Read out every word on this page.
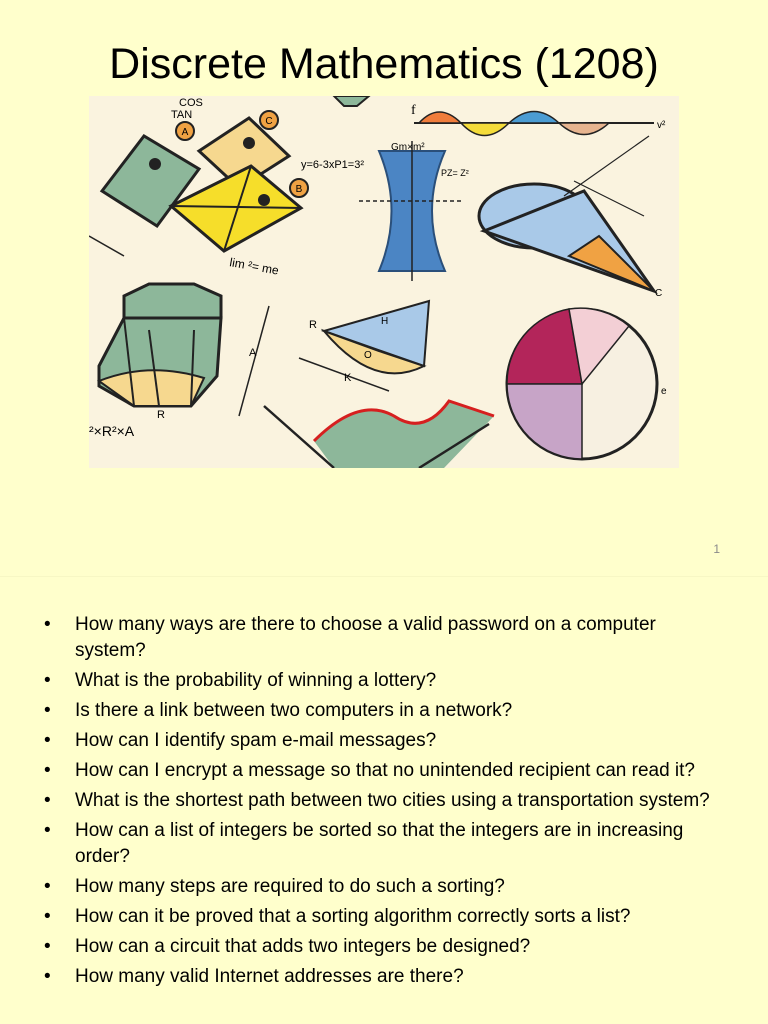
Discrete Mathematics (1208)
A
C
B
COS
TAN
lim ²= me
y=6-3xP1=3²
Gm×m²
PZ= Z²
f
v²
C
A
R
²×R²×A
R	H
O
K
e
1
• How many ways are there to choose a valid password on a computer system?
• What is the probability of winning a lottery?
• Is there a link between two computers in a network?
• How can I identify spam e-mail messages?
• How can I encrypt a message so that no unintended recipient can read it?
• What is the shortest path between two cities using a transportation system?
• How can a list of integers be sorted so that the integers are in increasing order?
• How many steps are required to do such a sorting?
• How can it be proved that a sorting algorithm correctly sorts a list?
• How can a circuit that adds two integers be designed?
• How many valid Internet addresses are there?
